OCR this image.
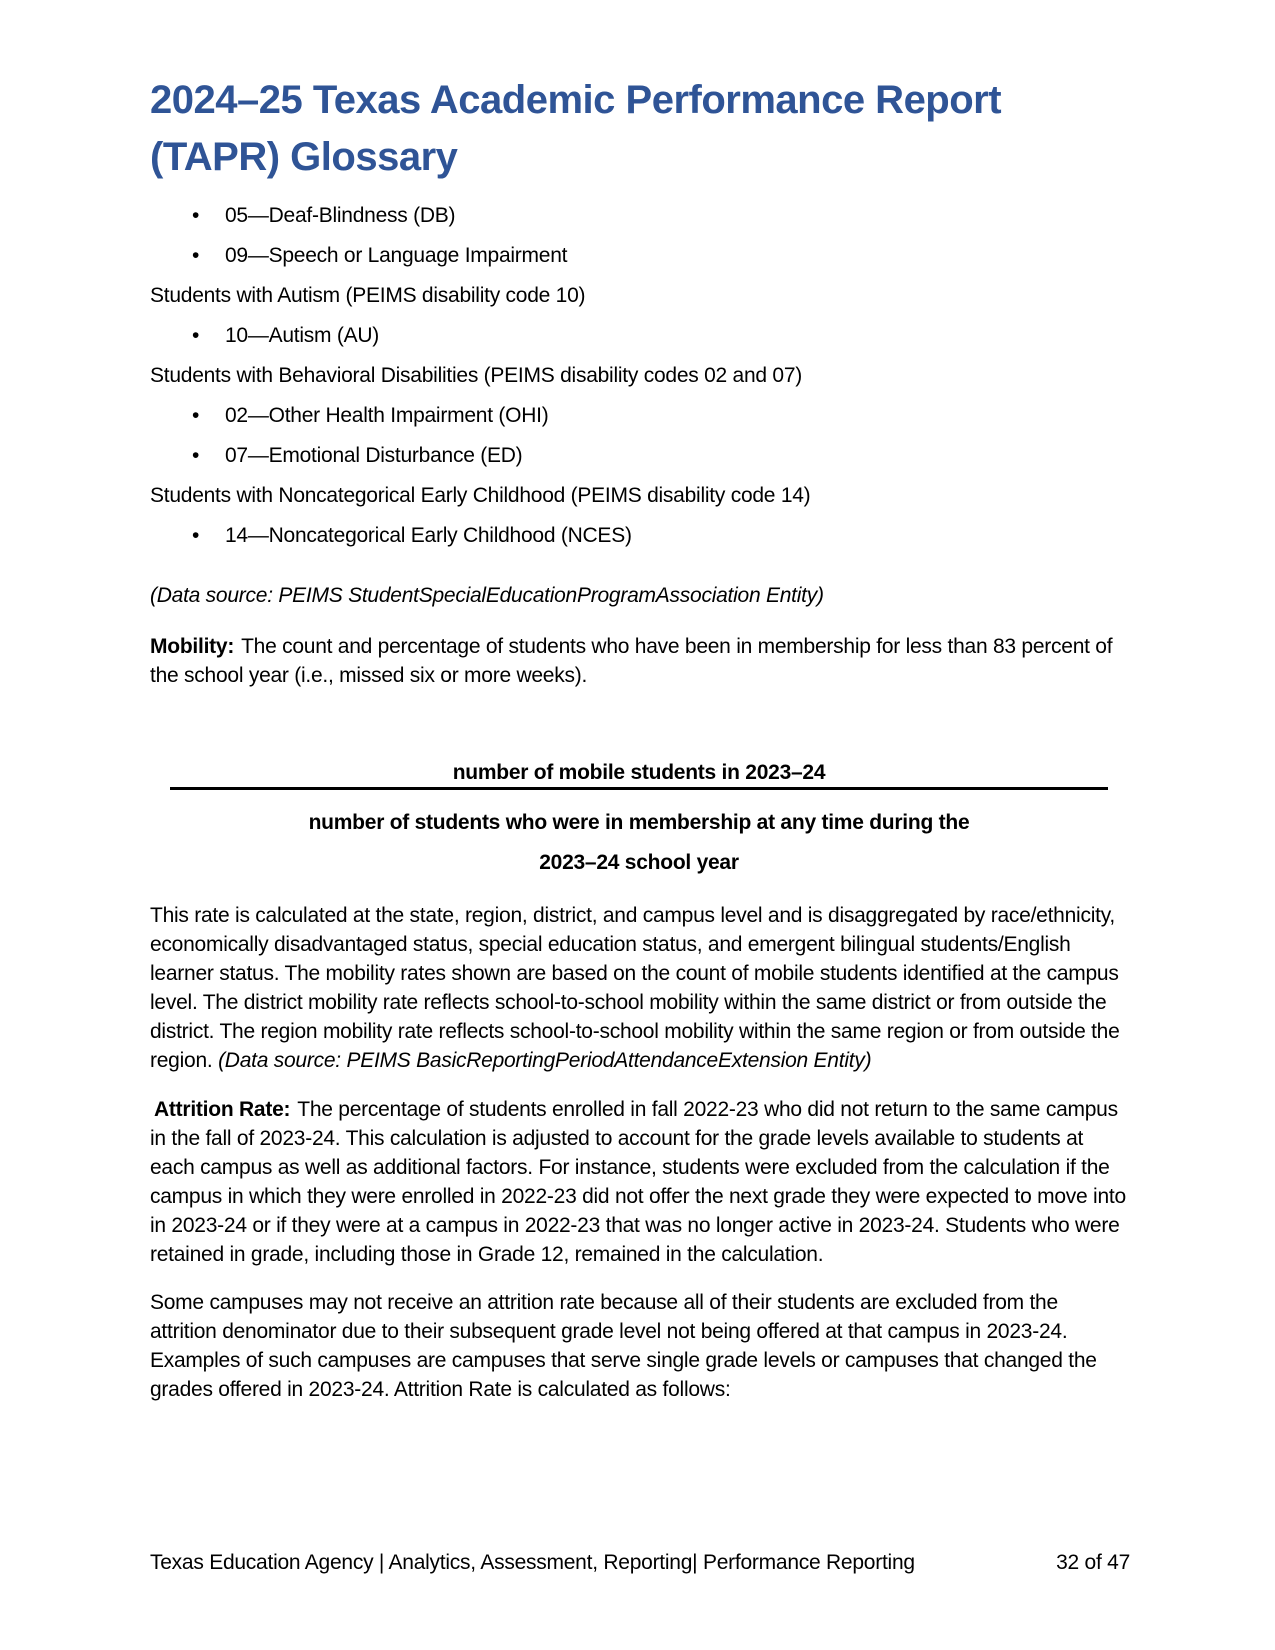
2024–25 Texas Academic Performance Report
(TAPR) Glossary
• 05—Deaf-Blindness (DB)
• 09—Speech or Language Impairment

Students with Autism (PEIMS disability code 10)

• 10—Autism (AU)

Students with Behavioral Disabilities (PEIMS disability codes 02 and 07)

• 02—Other Health Impairment (OHI)
• 07—Emotional Disturbance (ED)

Students with Noncategorical Early Childhood (PEIMS disability code 14)

• 14—Noncategorical Early Childhood (NCES)

(Data source: PEIMS StudentSpecialEducationProgramAssociation Entity)

Mobility: The count and percentage of students who have been in membership for less than 83 percent of the school year (i.e., missed six or more weeks).

number of mobile students in 2023–24
number of students who were in membership at any time during the
2023–24 school year

This rate is calculated at the state, region, district, and campus level and is disaggregated by race/ethnicity, economically disadvantaged status, special education status, and emergent bilingual students/English learner status. The mobility rates shown are based on the count of mobile students identified at the campus level. The district mobility rate reflects school-to-school mobility within the same district or from outside the district. The region mobility rate reflects school-to-school mobility within the same region or from outside the region. (Data source: PEIMS BasicReportingPeriodAttendanceExtension Entity)

Attrition Rate: The percentage of students enrolled in fall 2022-23 who did not return to the same campus in the fall of 2023-24. This calculation is adjusted to account for the grade levels available to students at each campus as well as additional factors. For instance, students were excluded from the calculation if the campus in which they were enrolled in 2022-23 did not offer the next grade they were expected to move into in 2023-24 or if they were at a campus in 2022-23 that was no longer active in 2023-24. Students who were retained in grade, including those in Grade 12, remained in the calculation.

Some campuses may not receive an attrition rate because all of their students are excluded from the attrition denominator due to their subsequent grade level not being offered at that campus in 2023-24. Examples of such campuses are campuses that serve single grade levels or campuses that changed the grades offered in 2023-24. Attrition Rate is calculated as follows:

Texas Education Agency | Analytics, Assessment, Reporting| Performance Reporting	32 of 47
